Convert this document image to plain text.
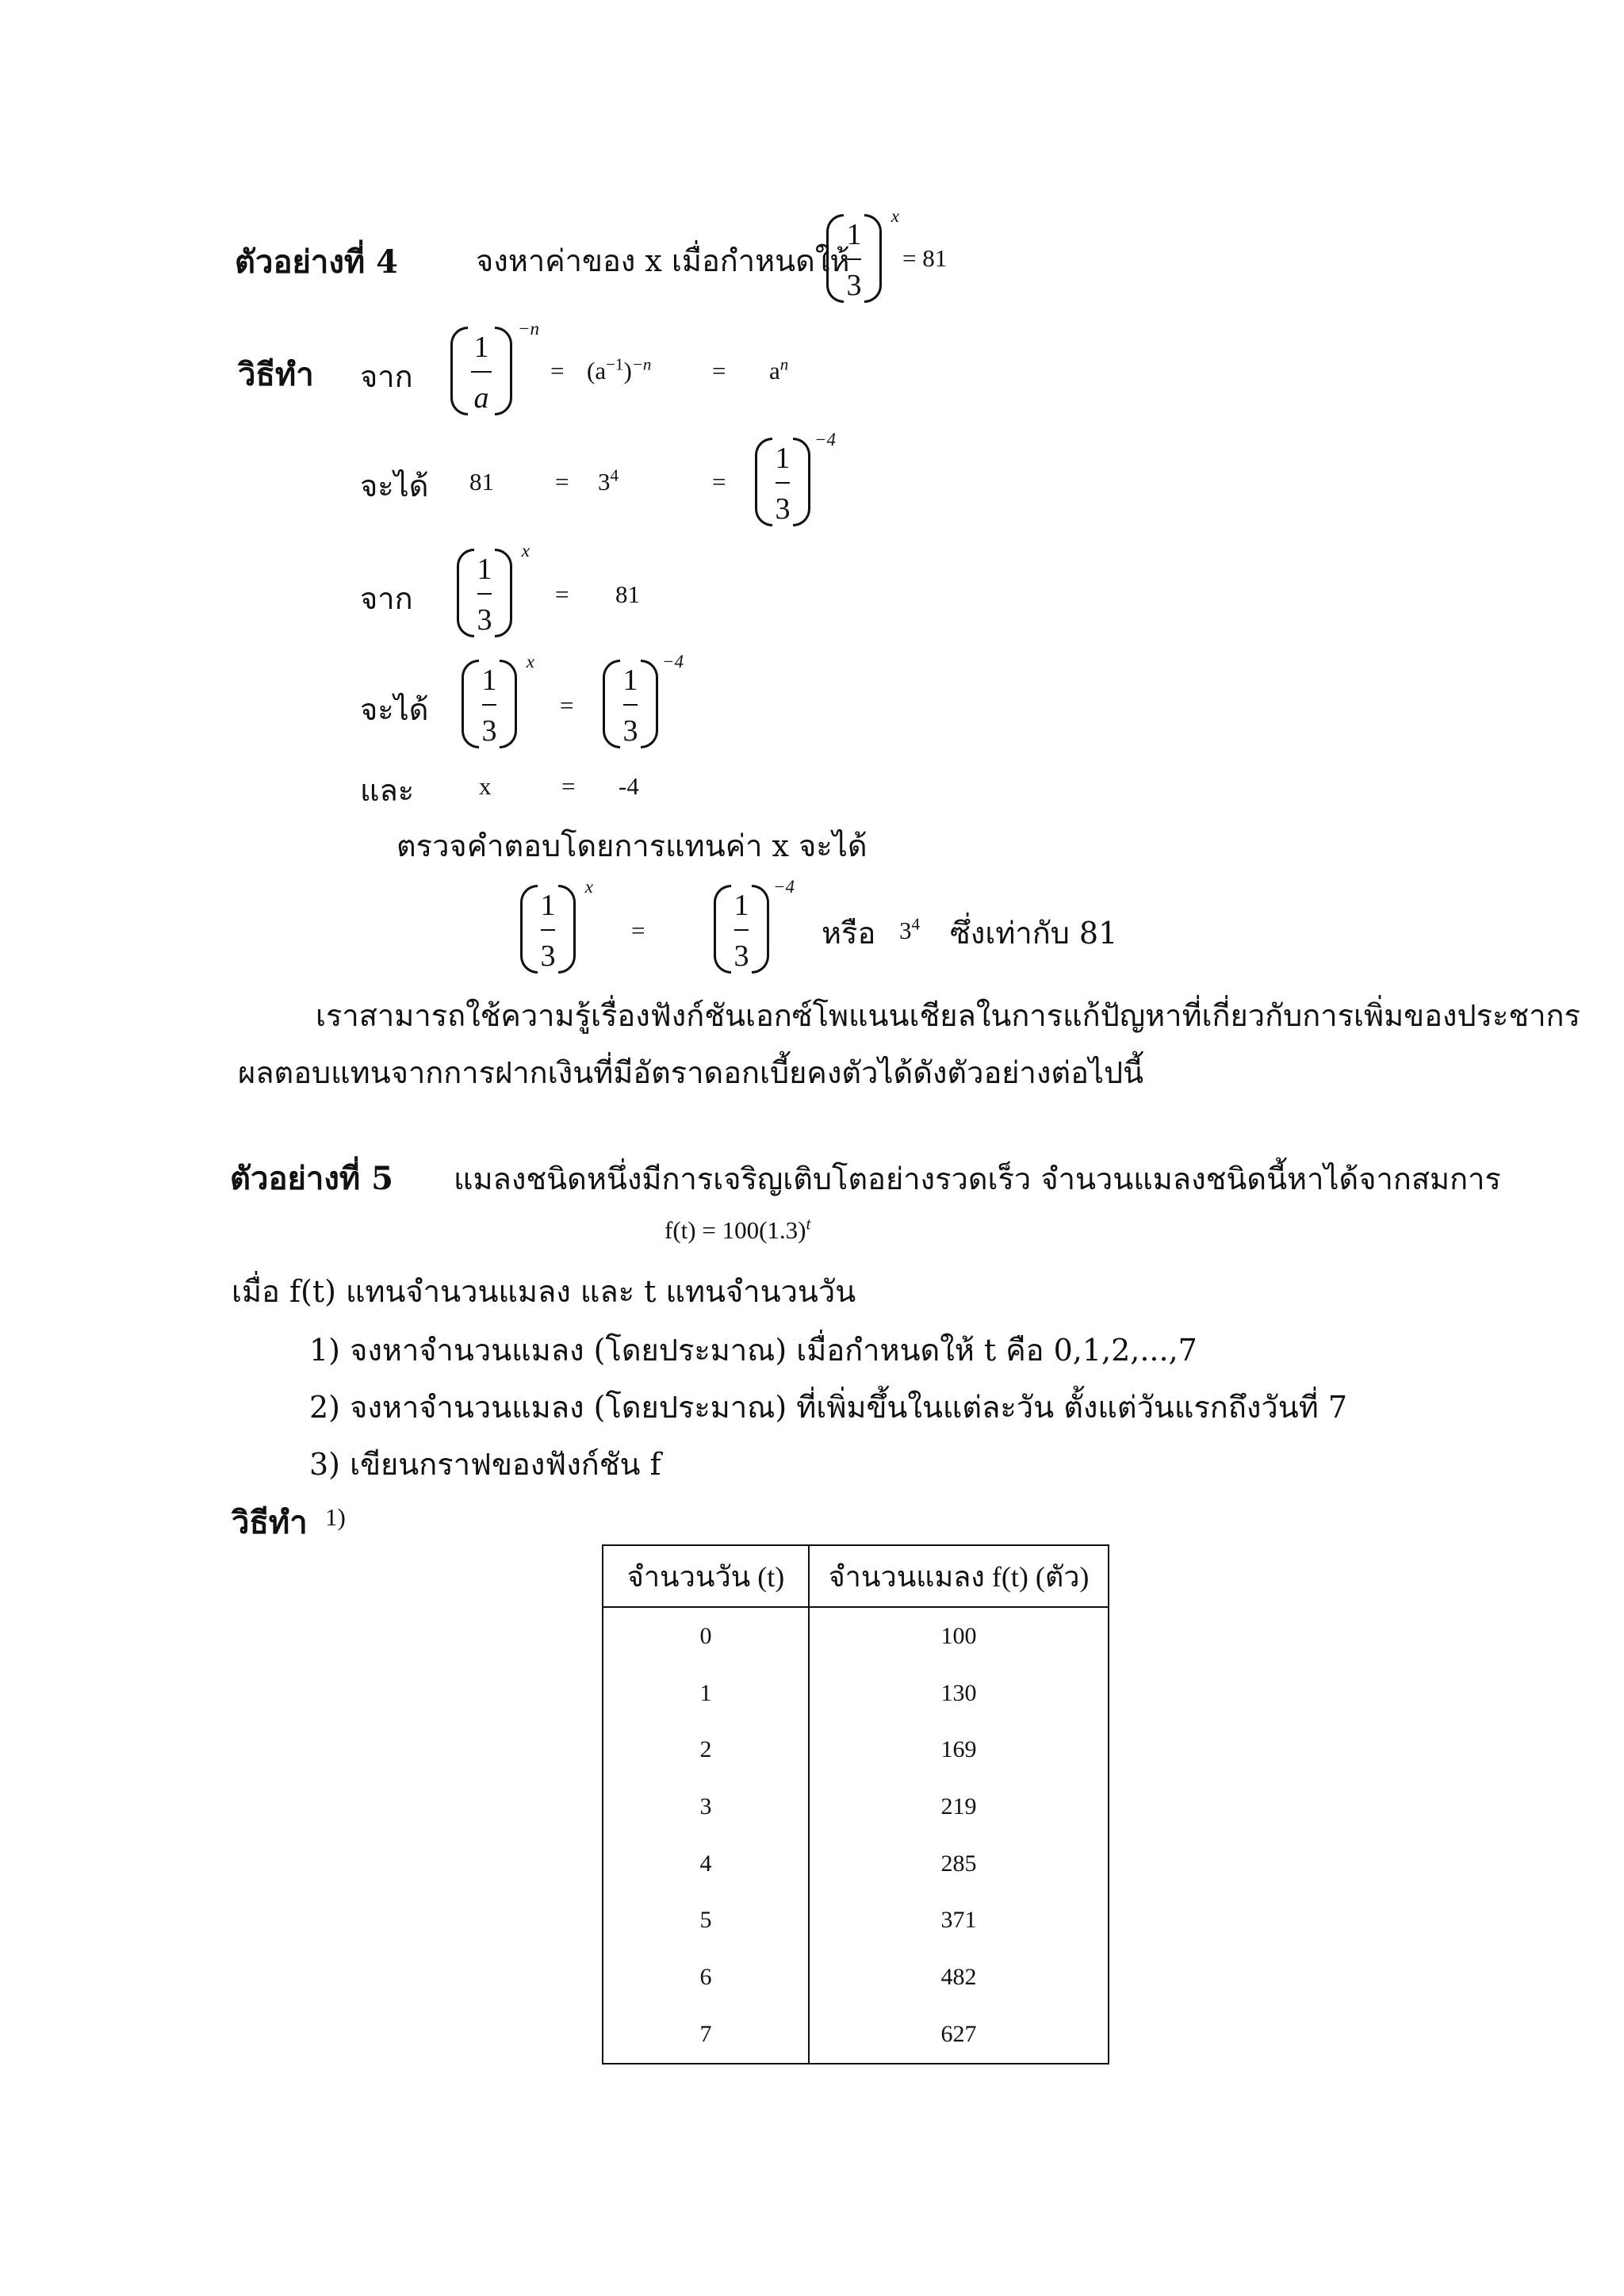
ตัวอย่างที่ 4	จงหาค่าของ x เมื่อกำหนดให้
1
3
x
= 81
วิธีทำ จาก
1
a
−n
= $(a^{-1})^{-n} = a^n$
จะได้ $81 = 3^4$	=
1
3
−4
จาก
1
3
x
= 81
จะได้
1
3
x
=
1
3
−4
และ	x	= -4
ตรวจคำตอบโดยการแทนค่า x จะได้
1
3
x
=
1
3
−4
หรือ $3^4$ ซึ่งเท่ากับ 81
เราสามารถใช้ความรู้เรื่องฟังก์ชันเอกซ์โพแนนเชียลในการแก้ปัญหาที่เกี่ยวกับการเพิ่มของประชากร
ผลตอบแทนจากการฝากเงินที่มีอัตราดอกเบี้ยคงตัวได้ดังตัวอย่างต่อไปนี้
ตัวอย่างที่ 5 แมลงชนิดหนึ่งมีการเจริญเติบโตอย่างรวดเร็ว จำนวนแมลงชนิดนี้หาได้จากสมการ
$f(t) = 100(1.3)^t$
เมื่อ f(t) แทนจำนวนแมลง และ t แทนจำนวนวัน
1) จงหาจำนวนแมลง (โดยประมาณ) เมื่อกำหนดให้ t คือ 0,1,2,...,7
2) จงหาจำนวนแมลง (โดยประมาณ) ที่เพิ่มขึ้นในแต่ละวัน ตั้งแต่วันแรกถึงวันที่ 7
3) เขียนกราฟของฟังก์ชัน f
วิธีทำ 1)
จำนวนวัน (t)	จำนวนแมลง f(t) (ตัว)
0	100
1	130
2	169
3	219
4	285
5	371
6	482
7	627
